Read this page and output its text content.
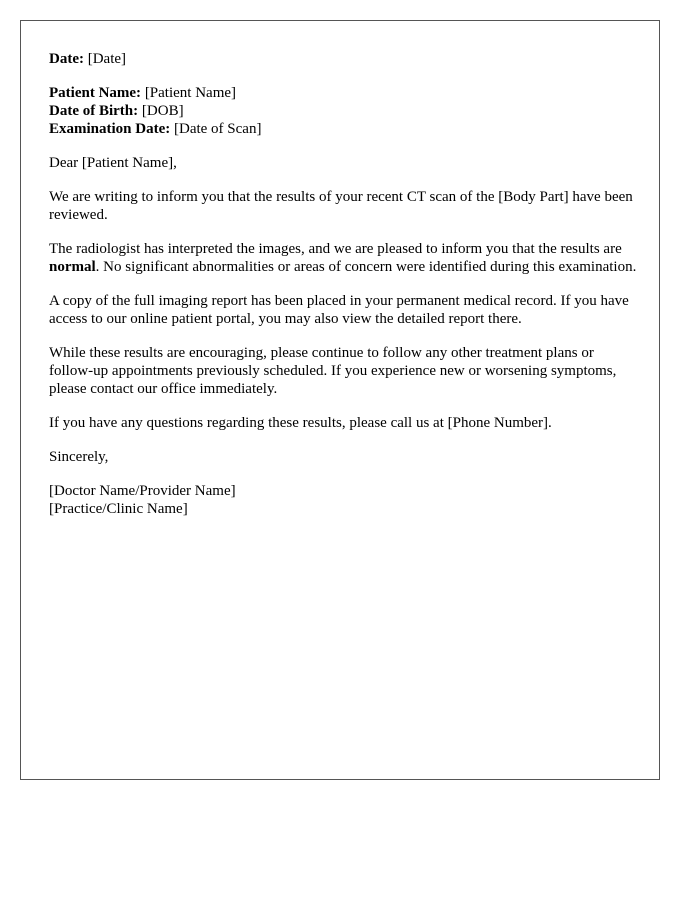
Date: [Date]
Patient Name: [Patient Name]
Date of Birth: [DOB]
Examination Date: [Date of Scan]

Dear [Patient Name],

We are writing to inform you that the results of your recent CT scan of the [Body Part] have been reviewed.

The radiologist has interpreted the images, and we are pleased to inform you that the results are normal. No significant abnormalities or areas of concern were identified during this examination.

A copy of the full imaging report has been placed in your permanent medical record. If you have access to our online patient portal, you may also view the detailed report there.

While these results are encouraging, please continue to follow any other treatment plans or follow-up appointments previously scheduled. If you experience new or worsening symptoms, please contact our office immediately.

If you have any questions regarding these results, please call us at [Phone Number].

Sincerely,

[Doctor Name/Provider Name]
[Practice/Clinic Name]
